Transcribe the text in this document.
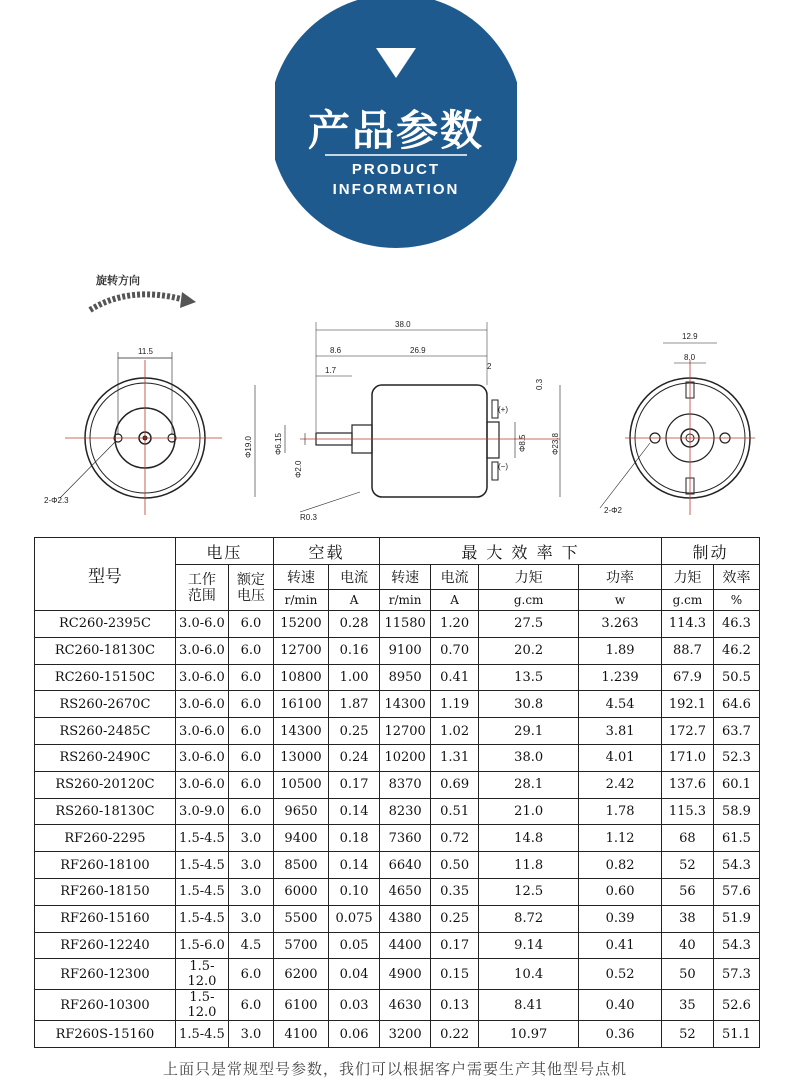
产品参数
PRODUCT
INFORMATION
旋转方向
11.5
2-Φ2.3
38.0
8.6	26.9
1.7	2
0.3
Φ19.0	Φ6.15
Φ2.0
Φ8.5	Φ23.8
(+)
(−)
R0.3
12.9
8.0
2-Φ2
型号	电压		空载		最 大 效 率 下				制动	
	工作范围	额定电压	转速	电流	转速	电流	力矩	功率	力矩	效率
			r/min	A	r/min	A	g.cm	w	g.cm	%
RC260-2395C	3.0-6.0	6.0	15200	0.28	11580	1.20	27.5	3.263	114.3	46.3
RC260-18130C	3.0-6.0	6.0	12700	0.16	9100	0.70	20.2	1.89	88.7	46.2
RC260-15150C	3.0-6.0	6.0	10800	1.00	8950	0.41	13.5	1.239	67.9	50.5
RS260-2670C	3.0-6.0	6.0	16100	1.87	14300	1.19	30.8	4.54	192.1	64.6
RS260-2485C	3.0-6.0	6.0	14300	0.25	12700	1.02	29.1	3.81	172.7	63.7
RS260-2490C	3.0-6.0	6.0	13000	0.24	10200	1.31	38.0	4.01	171.0	52.3
RS260-20120C	3.0-6.0	6.0	10500	0.17	8370	0.69	28.1	2.42	137.6	60.1
RS260-18130C	3.0-9.0	6.0	9650	0.14	8230	0.51	21.0	1.78	115.3	58.9
RF260-2295	1.5-4.5	3.0	9400	0.18	7360	0.72	14.8	1.12	68	61.5
RF260-18100	1.5-4.5	3.0	8500	0.14	6640	0.50	11.8	0.82	52	54.3
RF260-18150	1.5-4.5	3.0	6000	0.10	4650	0.35	12.5	0.60	56	57.6
RF260-15160	1.5-4.5	3.0	5500	0.075	4380	0.25	8.72	0.39	38	51.9
RF260-12240	1.5-6.0	4.5	5700	0.05	4400	0.17	9.14	0.41	40	54.3
RF260-12300	1.5-12.0	6.0	6200	0.04	4900	0.15	10.4	0.52	50	57.3
RF260-10300	1.5-12.0	6.0	6100	0.03	4630	0.13	8.41	0.40	35	52.6
RF260S-15160	1.5-4.5	3.0	4100	0.06	3200	0.22	10.97	0.36	52	51.1
上面只是常规型号参数，我们可以根据客户需要生产其他型号点机
